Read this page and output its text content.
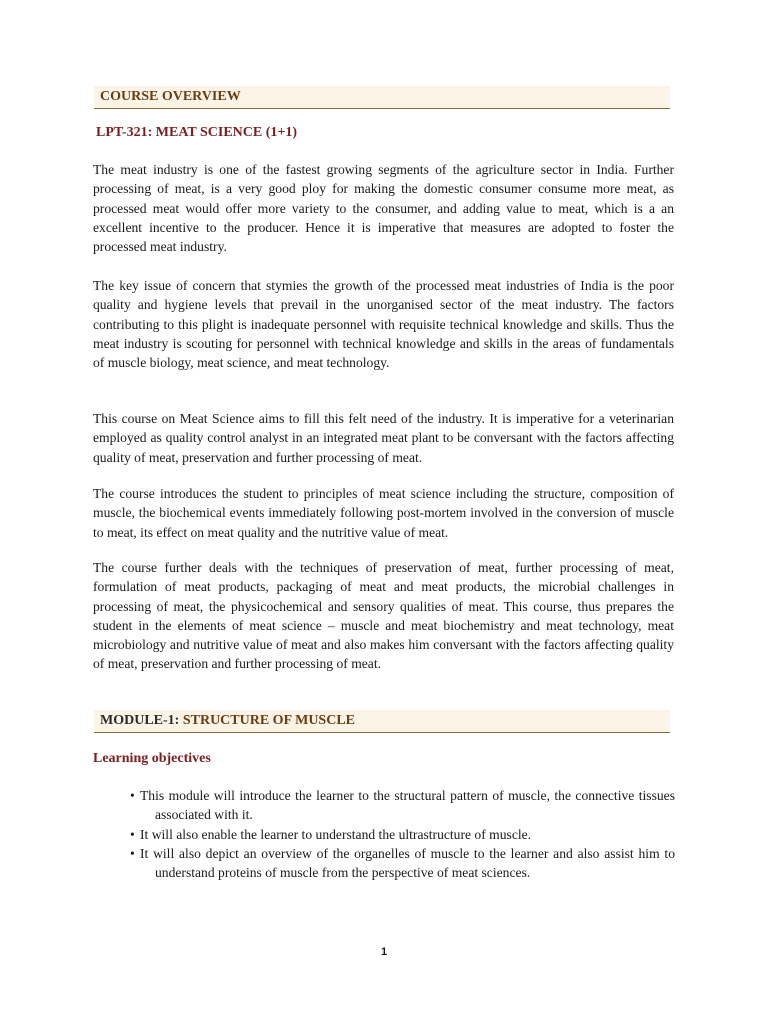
COURSE OVERVIEW
LPT-321: MEAT SCIENCE (1+1)

The meat industry is one of the fastest growing segments of the agriculture sector in India. Further processing of meat, is a very good ploy for making the domestic consumer consume more meat, as processed meat would offer more variety to the consumer, and adding value to meat, which is a an excellent incentive to the producer. Hence it is imperative that measures are adopted to foster the processed meat industry.

The key issue of concern that stymies the growth of the processed meat industries of India is the poor quality and hygiene levels that prevail in the unorganised sector of the meat industry. The factors contributing to this plight is inadequate personnel with requisite technical knowledge and skills. Thus the meat industry is scouting for personnel with technical knowledge and skills in the areas of fundamentals of muscle biology, meat science, and meat technology.

This course on Meat Science aims to fill this felt need of the industry. It is imperative for a veterinarian employed as quality control analyst in an integrated meat plant to be conversant with the factors affecting quality of meat, preservation and further processing of meat.

The course introduces the student to principles of meat science including the structure, composition of muscle, the biochemical events immediately following post-mortem involved in the conversion of muscle to meat, its effect on meat quality and the nutritive value of meat.

The course further deals with the techniques of preservation of meat, further processing of meat, formulation of meat products, packaging of meat and meat products, the microbial challenges in processing of meat, the physicochemical and sensory qualities of meat. This course, thus prepares the student in the elements of meat science – muscle and meat biochemistry and meat technology, meat microbiology and nutritive value of meat and also makes him conversant with the factors affecting quality of meat, preservation and further processing of meat.

MODULE-1: STRUCTURE OF MUSCLE
Learning objectives
• This module will introduce the learner to the structural pattern of muscle, the connective tissues associated with it.
• It will also enable the learner to understand the ultrastructure of muscle.
• It will also depict an overview of the organelles of muscle to the learner and also assist him to understand proteins of muscle from the perspective of meat sciences.
1
